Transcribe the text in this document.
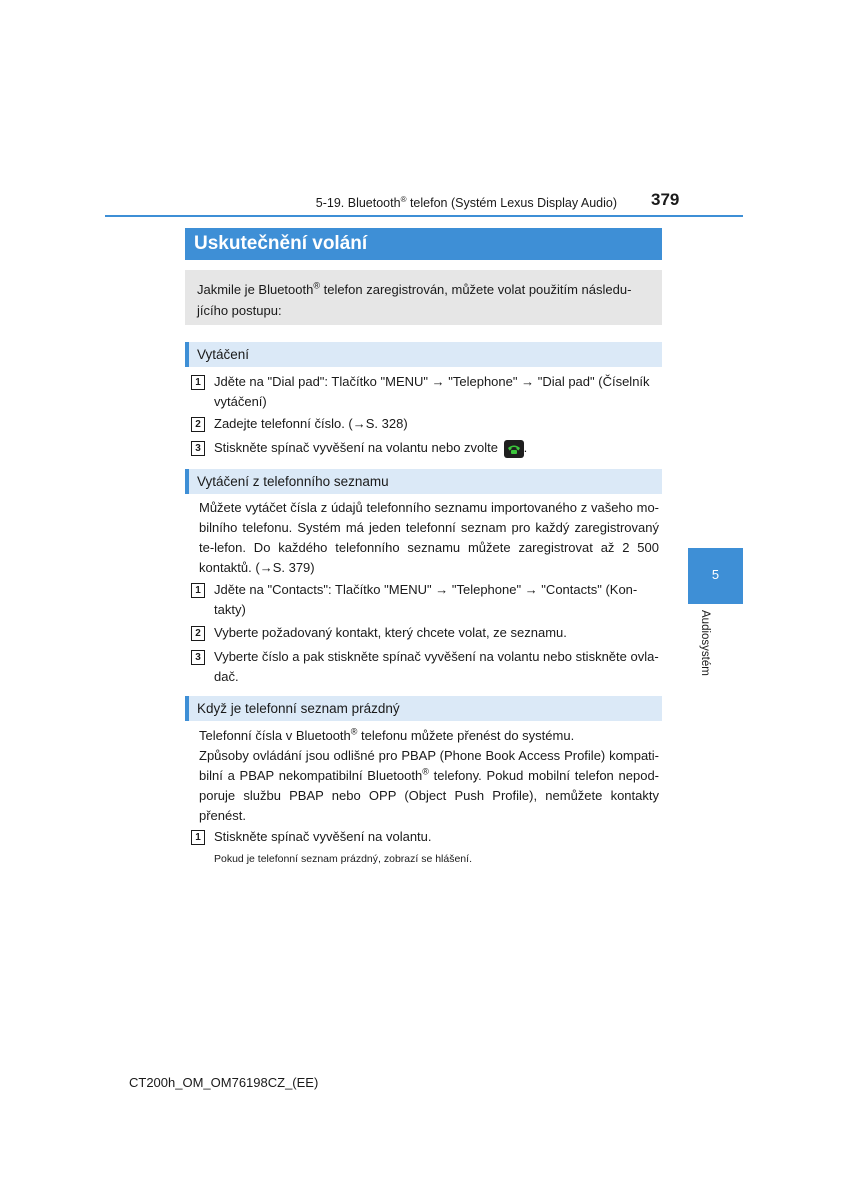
5-19. Bluetooth® telefon (Systém Lexus Display Audio) 379
Uskutečnění volání
Jakmile je Bluetooth® telefon zaregistrován, můžete volat použitím následu-jícího postupu:
Vytáčení
1	Jděte na "Dial pad": Tlačítko "MENU" → "Telephone" → "Dial pad" (Číselník vytáčení)
2	Zadejte telefonní číslo. (→S. 328)
3	Stiskněte spínač vyvěšení na volantu nebo zvolte .
Vytáčení z telefonního seznamu
Můžete vytáčet čísla z údajů telefonního seznamu importovaného z vašeho mo-bilního telefonu. Systém má jeden telefonní seznam pro každý zaregistrovaný te-lefon. Do každého telefonního seznamu můžete zaregistrovat až 2 500 kontaktů. (→S. 379)
1	Jděte na "Contacts": Tlačítko "MENU" → "Telephone" → "Contacts" (Kon-takty)
2	Vyberte požadovaný kontakt, který chcete volat, ze seznamu.
3	Vyberte číslo a pak stiskněte spínač vyvěšení na volantu nebo stiskněte ovla-dač.
Když je telefonní seznam prázdný
Telefonní čísla v Bluetooth® telefonu můžete přenést do systému.
Způsoby ovládání jsou odlišné pro PBAP (Phone Book Access Profile) kompati-bilní a PBAP nekompatibilní Bluetooth® telefony. Pokud mobilní telefon nepod-poruje službu PBAP nebo OPP (Object Push Profile), nemůžete kontakty přenést.
1	Stiskněte spínač vyvěšení na volantu.
Pokud je telefonní seznam prázdný, zobrazí se hlášení.
5
Audiosystém
CT200h_OM_OM76198CZ_(EE)
